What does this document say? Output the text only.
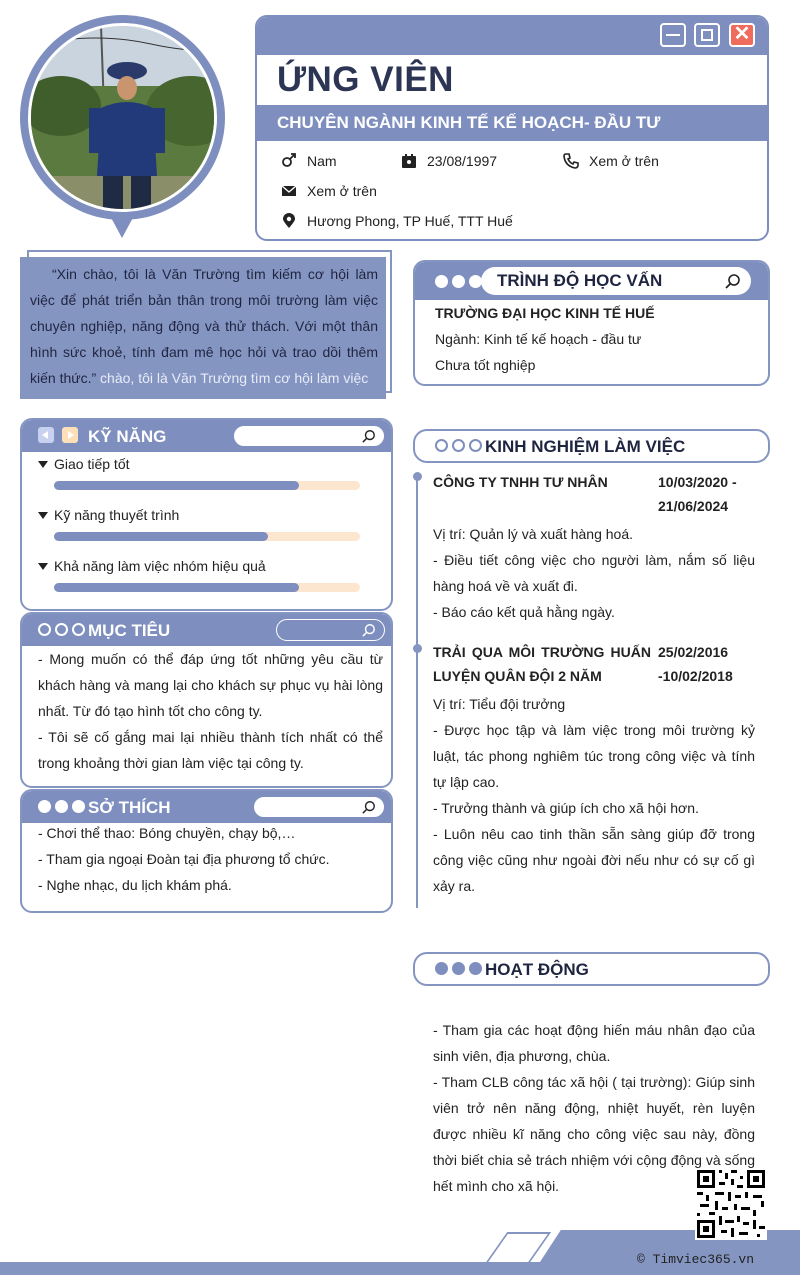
✕
ỨNG VIÊN
CHUYÊN NGÀNH KINH TẾ KẾ HOẠCH- ĐẦU TƯ
Nam	23/08/1997	Xem ở trên
Xem ở trên
Hương Phong, TP Huế, TTT Huế
“Xin chào, tôi là Văn Trường tìm kiếm cơ hội làm việc để phát triển bản thân trong môi trường làm việc chuyên nghiệp, năng động và thử thách. Với một thân hình sức khoẻ, tính đam mê học hỏi và trao dồi thêm kiến thức.” chào, tôi là Văn Trường tìm cơ hội làm việc
TRÌNH ĐỘ HỌC VẤN
TRƯỜNG ĐẠI HỌC KINH TẾ HUẾ
Ngành: Kinh tế kế hoạch - đầu tư
Chưa tốt nghiệp
KỸ NĂNG
Giao tiếp tốt
Kỹ năng thuyết trình
Khả năng làm việc nhóm hiệu quả
MỤC TIÊU
- Mong muốn có thể đáp ứng tốt những yêu cầu từ khách hàng và mang lại cho khách sự phục vụ hài lòng nhất. Từ đó tạo hình tốt cho công ty.
- Tôi sẽ cố gắng mai lại nhiều thành tích nhất có thể trong khoảng thời gian làm việc tại công ty.
SỞ THÍCH
- Chơi thể thao: Bóng chuyền, chạy bộ,…
- Tham gia ngoại Đoàn tại địa phương tổ chức.
- Nghe nhạc, du lịch khám phá.
KINH NGHIỆM LÀM VIỆC
CÔNG TY TNHH TƯ NHÂN	10/03/2020 - 21/06/2024
Vị trí: Quản lý và xuất hàng hoá.
- Điều tiết công việc cho người làm, nắm số liệu hàng hoá về và xuất đi.
- Báo cáo kết quả hằng ngày.
TRẢI QUA MÔI TRƯỜNG HUẤN LUYỆN QUÂN ĐỘI 2 NĂM
25/02/2016 -10/02/2018
Vị trí: Tiểu đội trưởng
- Được học tập và làm việc trong môi trường kỷ luật, tác phong nghiêm túc trong công việc và tính tự lập cao.
- Trưởng thành và giúp ích cho xã hội hơn.
- Luôn nêu cao tinh thần sẵn sàng giúp đỡ trong công việc cũng như ngoài đời nếu như có sự cố gì xảy ra.
HOẠT ĐỘNG
- Tham gia các hoạt động hiến máu nhân đạo của sinh viên, địa phương, chùa.
- Tham CLB công tác xã hội ( tại trường): Giúp sinh viên trở nên năng động, nhiệt huyết, rèn luyện được nhiều kĩ năng cho công việc sau này, đồng thời biết chia sẻ trách nhiệm với cộng động và sống hết mình cho xã hội.
© Timviec365.vn
